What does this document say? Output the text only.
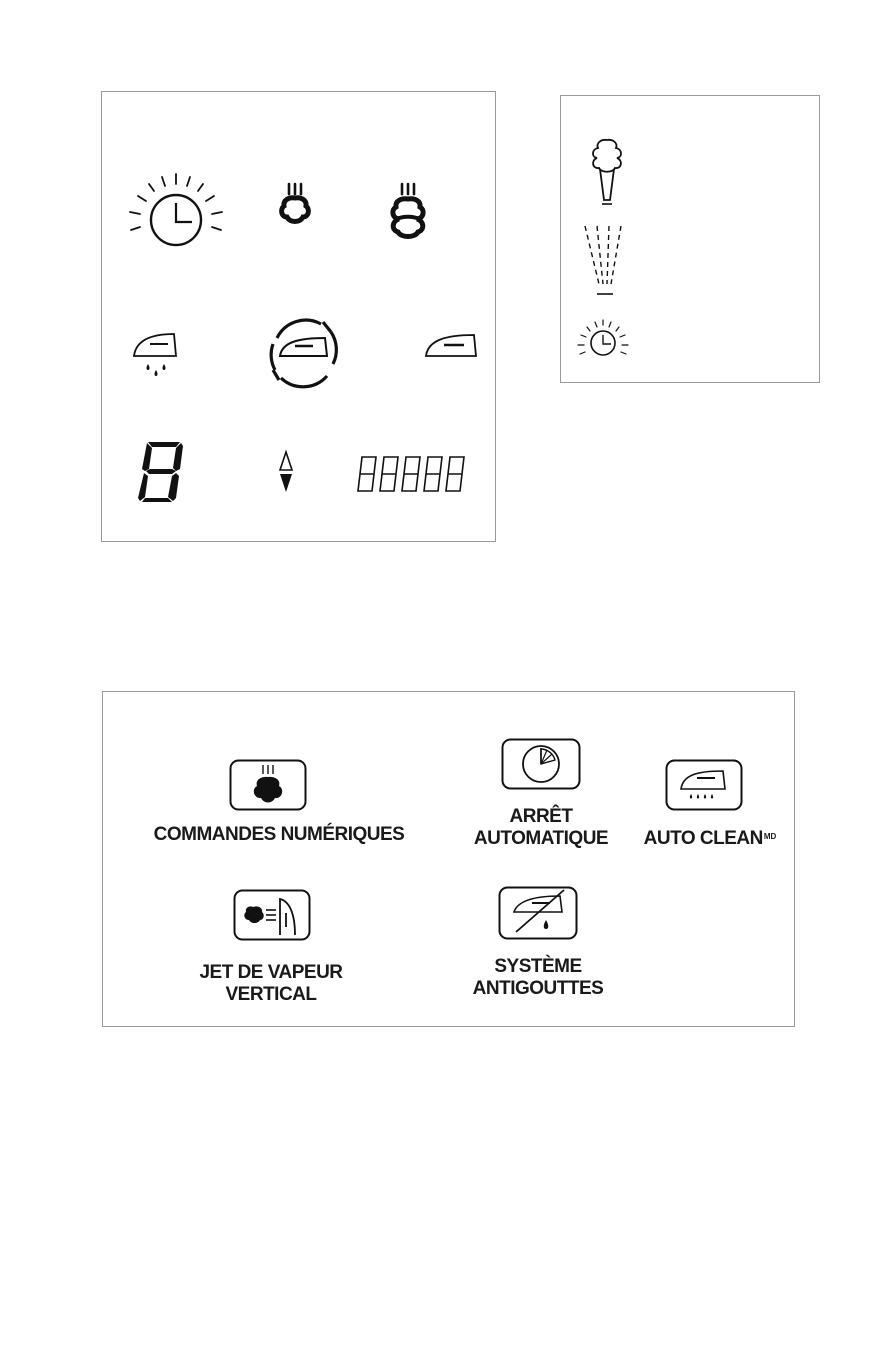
COMMANDES NUMÉRIQUES
ARRÊT
AUTOMATIQUE	AUTO $CLEAN^{MD}$
JET DE VAPEUR
VERTICAL
SYSTÈME
ANTIGOUTTES
